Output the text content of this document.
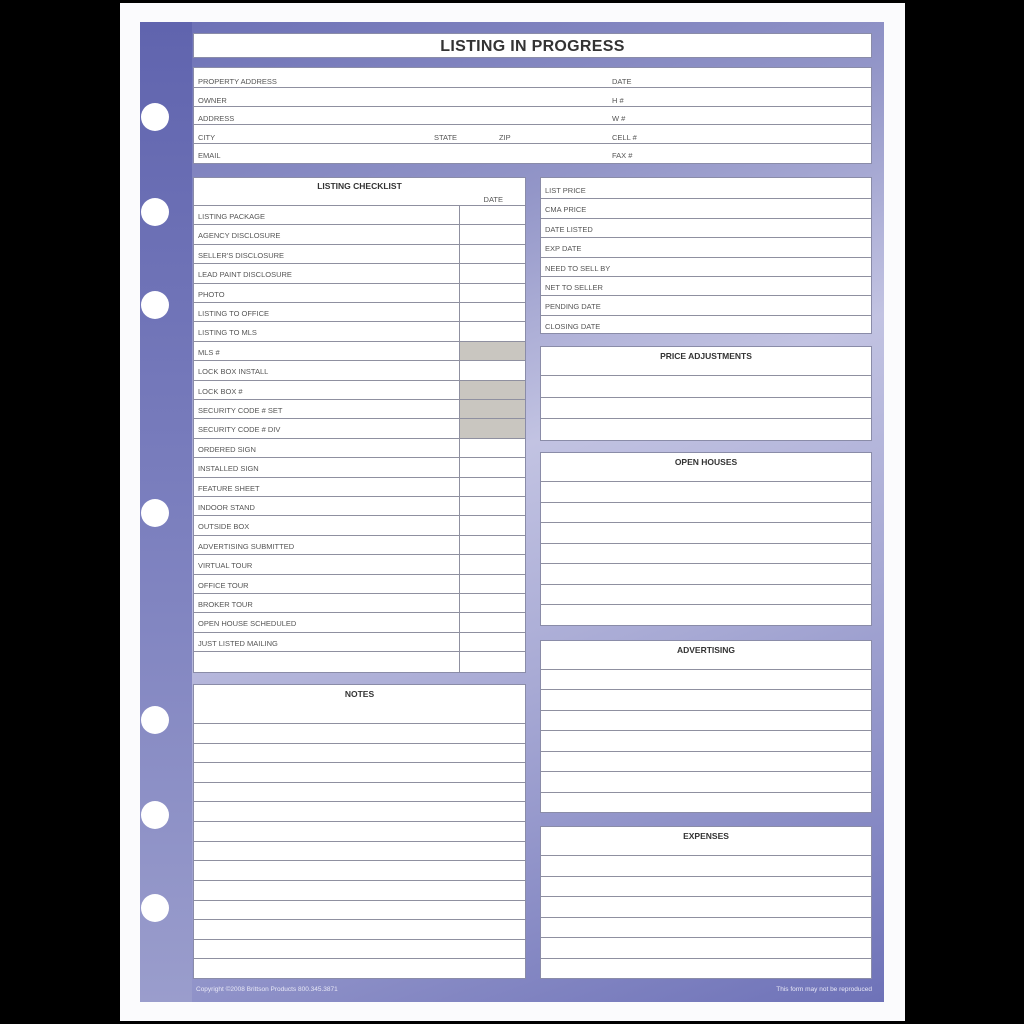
LISTING IN PROGRESS
PROPERTY ADDRESS
OWNER
ADDRESS
CITY
EMAIL
DATE
H #
W #
CELL #
FAX #
STATE	ZIP
LISTING CHECKLIST
DATE
LISTING PACKAGE
AGENCY DISCLOSURE
SELLER'S DISCLOSURE
LEAD PAINT DISCLOSURE
PHOTO
LISTING TO OFFICE
LISTING TO MLS
MLS #
LOCK BOX INSTALL
LOCK BOX #
SECURITY CODE # SET
SECURITY CODE # DIV
ORDERED SIGN
INSTALLED SIGN
FEATURE SHEET
INDOOR STAND
OUTSIDE BOX
ADVERTISING SUBMITTED
VIRTUAL TOUR
OFFICE TOUR
BROKER TOUR
OPEN HOUSE SCHEDULED
JUST LISTED MAILING
LIST PRICE
CMA PRICE
DATE LISTED
EXP DATE
NEED TO SELL BY
NET TO SELLER
PENDING DATE
CLOSING DATE
PRICE ADJUSTMENTS
OPEN HOUSES
ADVERTISING
EXPENSES
NOTES
Copyright ©2008 Brittson Products 800.345.3871	This form may not be reproduced
